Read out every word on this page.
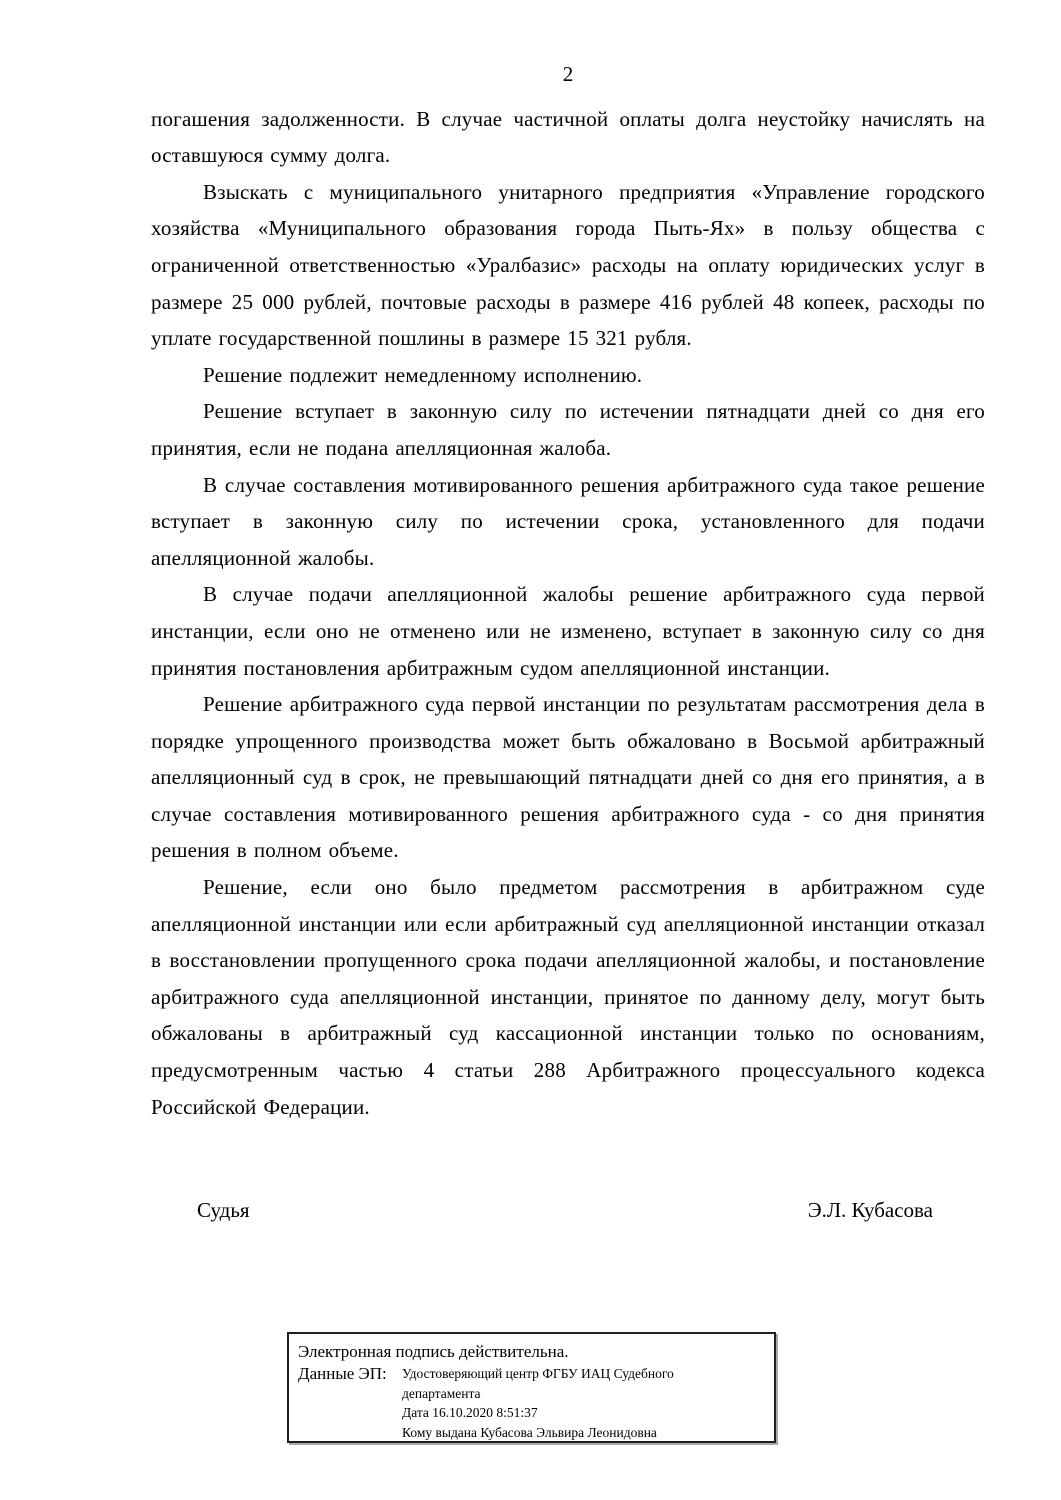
2

погашения задолженности. В случае частичной оплаты долга неустойку начислять на оставшуюся сумму долга.

Взыскать с муниципального унитарного предприятия «Управление городского хозяйства «Муниципального образования города Пыть-Ях» в пользу общества с ограниченной ответственностью «Уралбазис» расходы на оплату юридических услуг в размере 25 000 рублей, почтовые расходы в размере 416 рублей 48 копеек, расходы по уплате государственной пошлины в размере 15 321 рубля.

Решение подлежит немедленному исполнению.

Решение вступает в законную силу по истечении пятнадцати дней со дня его принятия, если не подана апелляционная жалоба.

В случае составления мотивированного решения арбитражного суда такое решение вступает в законную силу по истечении срока, установленного для подачи апелляционной жалобы.

В случае подачи апелляционной жалобы решение арбитражного суда первой инстанции, если оно не отменено или не изменено, вступает в законную силу со дня принятия постановления арбитражным судом апелляционной инстанции.

Решение арбитражного суда первой инстанции по результатам рассмотрения дела в порядке упрощенного производства может быть обжаловано в Восьмой арбитражный апелляционный суд в срок, не превышающий пятнадцати дней со дня его принятия, а в случае составления мотивированного решения арбитражного суда - со дня принятия решения в полном объеме.

Решение, если оно было предметом рассмотрения в арбитражном суде апелляционной инстанции или если арбитражный суд апелляционной инстанции отказал в восстановлении пропущенного срока подачи апелляционной жалобы, и постановление арбитражного суда апелляционной инстанции, принятое по данному делу, могут быть обжалованы в арбитражный суд кассационной инстанции только по основаниям, предусмотренным частью 4 статьи 288 Арбитражного процессуального кодекса Российской Федерации.

Судья	Э.Л. Кубасова
Электронная подпись действительна.
Данные ЭП:	Удостоверяющий центр ФГБУ ИАЦ Судебного
департамента
Дата 16.10.2020 8:51:37
Кому выдана Кубасова Эльвира Леонидовна
